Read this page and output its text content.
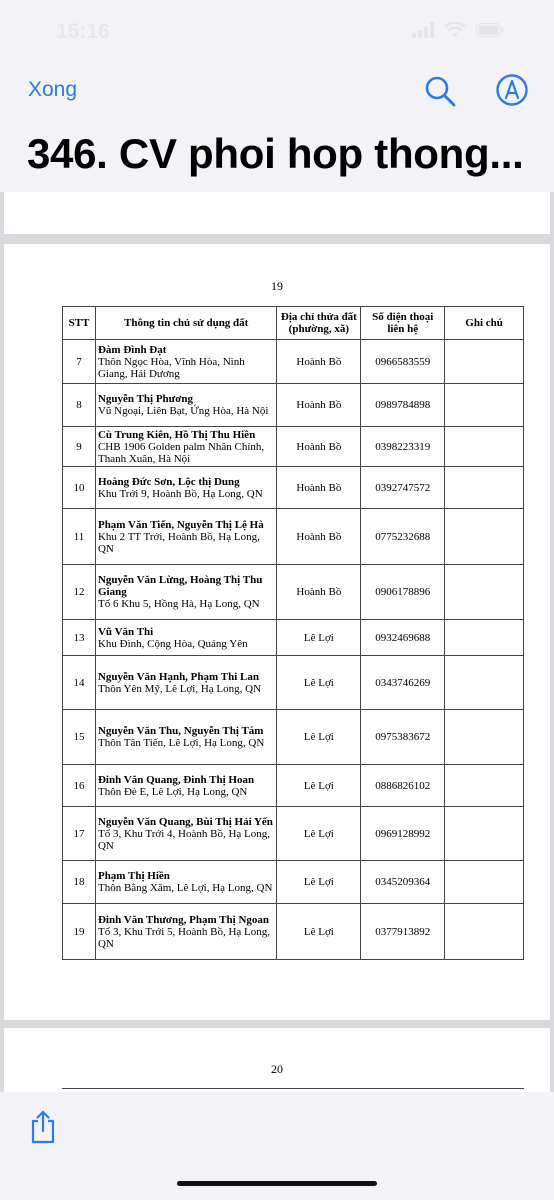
15:16
Xong
346. CV phoi hop thong...
19
STT	Thông tin chủ sử dụng đất	Địa chỉ thửa đất (phường, xã)	Số điện thoại liên hệ	Ghi chú
7	Đàm Đình Đạt
Thôn Ngọc Hòa, Vĩnh Hòa, Ninh Giang, Hải Dương	Hoành Bồ	0966583559	
8	Nguyễn Thị Phương
Vũ Ngoại, Liên Bạt, Ứng Hòa, Hà Nội	Hoành Bồ	0989784898	
9	Cù Trung Kiên, Hồ Thị Thu Hiền
CHB 1906 Golden palm Nhân Chính, Thanh Xuân, Hà Nội	Hoành Bồ	0398223319	
10	Hoàng Đức Sơn, Lộc thị Dung
Khu Trới 9, Hoành Bồ, Hạ Long, QN	Hoành Bồ	0392747572	
11	Phạm Văn Tiến, Nguyễn Thị Lệ Hà
Khu 2 TT Trới, Hoành Bồ, Hạ Long, QN	Hoành Bồ	0775232688	
12	Nguyễn Văn Lừng, Hoàng Thị Thu Giang
Tổ 6 Khu 5, Hồng Hà, Hạ Long, QN	Hoành Bồ	0906178896	
13	Vũ Văn Thi
Khu Đình, Cộng Hòa, Quảng Yên	Lê Lợi	0932469688	
14	Nguyễn Văn Hạnh, Phạm Thi Lan
Thôn Yên Mỹ, Lê Lợi, Hạ Long, QN	Lê Lợi	0343746269	
15	Nguyễn Văn Thu, Nguyễn Thị Tám
Thôn Tân Tiến, Lê Lợi, Hạ Long, QN	Lê Lợi	0975383672	
16	Đinh Văn Quang, Đinh Thị Hoan
Thôn Đè E, Lê Lợi, Hạ Long, QN	Lê Lợi	0886826102	
17	Nguyễn Văn Quang, Bùi Thị Hải Yến
Tổ 3, Khu Trới 4, Hoành Bồ, Hạ Long, QN	Lê Lợi	0969128992	
18	Phạm Thị Hiền
Thôn Bằng Xăm, Lê Lợi, Hạ Long, QN	Lê Lợi	0345209364	
19	Đinh Văn Thương, Phạm Thị Ngoan
Tổ 3, Khu Trới 5, Hoành Bồ, Hạ Long, QN	Lê Lợi	0377913892	
20
